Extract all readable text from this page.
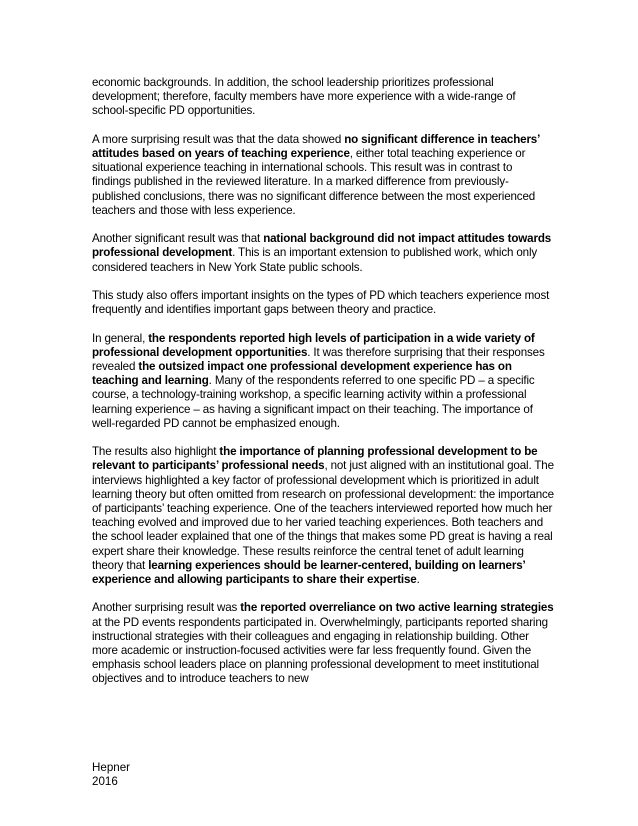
economic backgrounds. In addition, the school leadership prioritizes professional development; therefore, faculty members have more experience with a wide-range of school-specific PD opportunities.

A more surprising result was that the data showed no significant difference in teachers’ attitudes based on years of teaching experience, either total teaching experience or situational experience teaching in international schools. This result was in contrast to findings published in the reviewed literature. In a marked difference from previously-published conclusions, there was no significant difference between the most experienced teachers and those with less experience.

Another significant result was that national background did not impact attitudes towards professional development. This is an important extension to published work, which only considered teachers in New York State public schools.

This study also offers important insights on the types of PD which teachers experience most frequently and identifies important gaps between theory and practice.

In general, the respondents reported high levels of participation in a wide variety of professional development opportunities. It was therefore surprising that their responses revealed the outsized impact one professional development experience has on teaching and learning. Many of the respondents referred to one specific PD – a specific course, a technology-training workshop, a specific learning activity within a professional learning experience – as having a significant impact on their teaching. The importance of well-regarded PD cannot be emphasized enough.

The results also highlight the importance of planning professional development to be relevant to participants’ professional needs, not just aligned with an institutional goal. The interviews highlighted a key factor of professional development which is prioritized in adult learning theory but often omitted from research on professional development: the importance of participants’ teaching experience. One of the teachers interviewed reported how much her teaching evolved and improved due to her varied teaching experiences. Both teachers and the school leader explained that one of the things that makes some PD great is having a real expert share their knowledge. These results reinforce the central tenet of adult learning theory that learning experiences should be learner-centered, building on learners’ experience and allowing participants to share their expertise.

Another surprising result was the reported overreliance on two active learning strategies at the PD events respondents participated in. Overwhelmingly, participants reported sharing instructional strategies with their colleagues and engaging in relationship building. Other more academic or instruction-focused activities were far less frequently found. Given the emphasis school leaders place on planning professional development to meet institutional objectives and to introduce teachers to new

Hepner
2016
